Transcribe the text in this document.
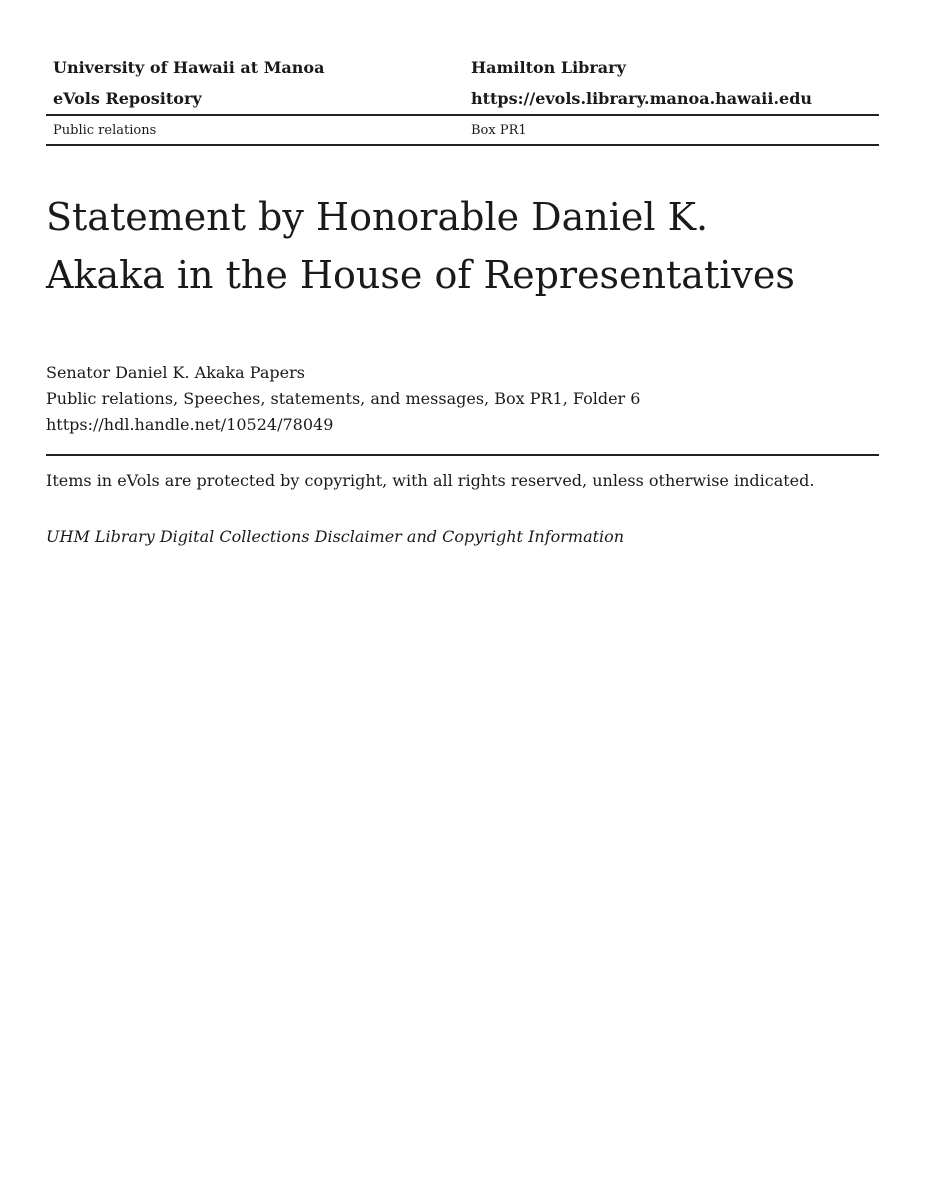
University of Hawaii at Manoa	Hamilton Library
eVols Repository	https://evols.library.manoa.hawaii.edu
Public relations	Box PR1
Statement by Honorable Daniel K.
Akaka in the House of Representatives
Senator Daniel K. Akaka Papers
Public relations, Speeches, statements, and messages, Box PR1, Folder 6
https://hdl.handle.net/10524/78049
Items in eVols are protected by copyright, with all rights reserved, unless otherwise indicated.
UHM Library Digital Collections Disclaimer and Copyright Information
